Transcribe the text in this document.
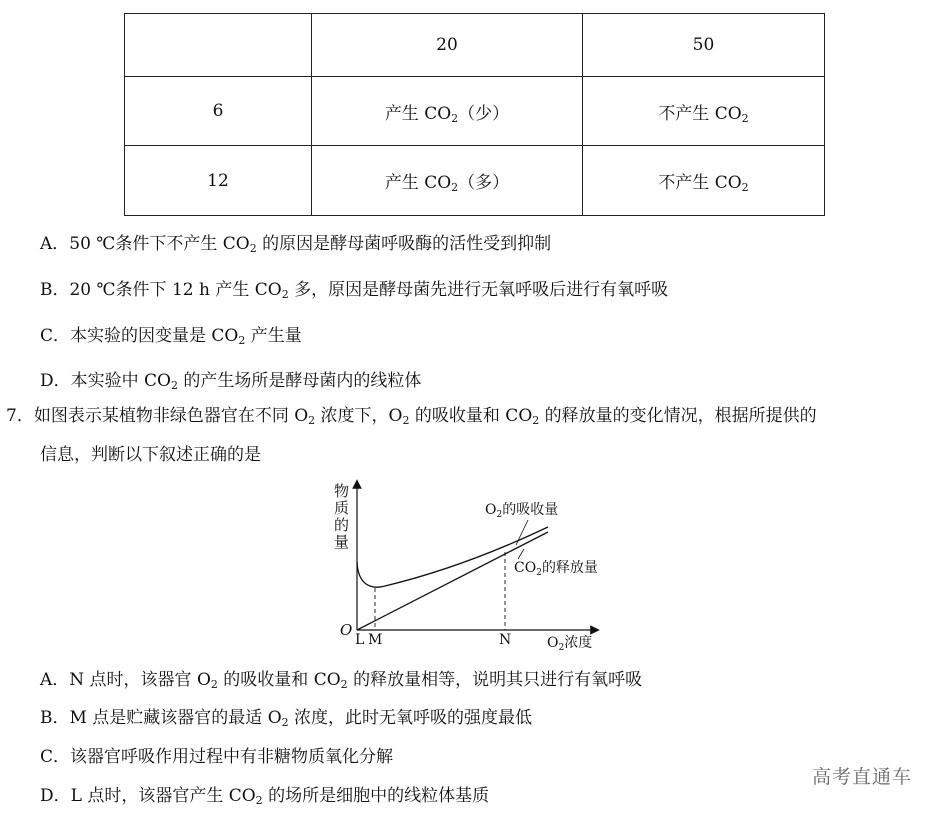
	20	50
6	产生 $CO_2$（少）	不产生 $CO_2$
12	产生 $CO_2$（多）	不产生 $CO_2$
A．50 ℃条件下不产生 $CO_2$ 的原因是酵母菌呼吸酶的活性受到抑制
B．20 ℃条件下 12 h 产生 $CO_2$ 多，原因是酵母菌先进行无氧呼吸后进行有氧呼吸
C．本实验的因变量是 $CO_2$ 产生量
D．本实验中 $CO_2$ 的产生场所是酵母菌内的线粒体
7．如图表示某植物非绿色器官在不同 $O_2$ 浓度下，$O_2$ 的吸收量和 $CO_2$ 的释放量的变化情况，根据所提供的
信息，判断以下叙述正确的是
物
质
的
量
O
L M	N	$O_2$浓度
$O_2$的吸收量
$CO_2$的释放量
A．N 点时，该器官 $O_2$ 的吸收量和 $CO_2$ 的释放量相等，说明其只进行有氧呼吸
B．M 点是贮藏该器官的最适 $O_2$ 浓度，此时无氧呼吸的强度最低
C．该器官呼吸作用过程中有非糖物质氧化分解
D．L 点时，该器官产生 $CO_2$ 的场所是细胞中的线粒体基质
高考直通车
